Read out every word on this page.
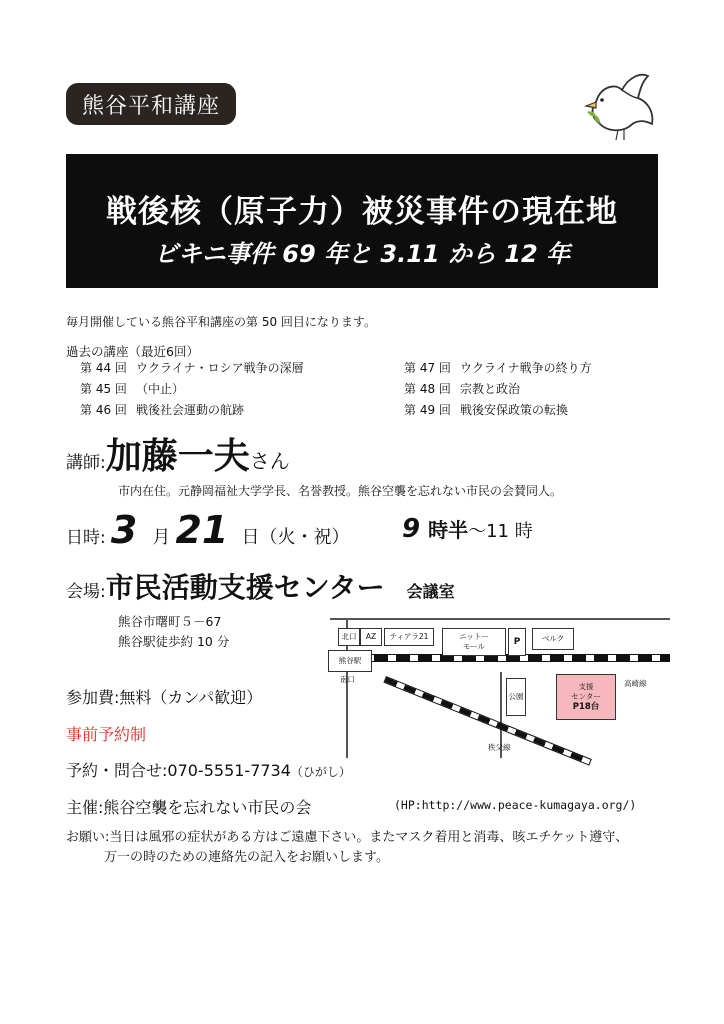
熊谷平和講座
戦後核（原子力）被災事件の現在地
ビキニ事件 69 年と 3.11 から 12 年
毎月開催している熊谷平和講座の第 50 回目になります。
過去の講座（最近6回）
第 44 回 ウクライナ・ロシア戦争の深層
第 45 回 （中止）
第 46 回 戦後社会運動の航跡
第 47 回 ウクライナ戦争の終り方
第 48 回 宗教と政治
第 49 回 戦後安保政策の転換
講師:加藤一夫さん
市内在住。元静岡福祉大学学長、名誉教授。熊谷空襲を忘れない市民の会賛同人。
日時: 3 月 21 日（火・祝） 9 時半～11 時
会場:市民活動支援センター 会議室
熊谷市曙町５－67
熊谷駅徒歩約 10 分	北口	AZ	ティアラ21	ニットー
モール	P	ベルク
熊谷駅
南口
公園
支援
センター
P18台
高崎線
秩父線
参加費:無料（カンパ歓迎）
事前予約制
予約・問合せ:070-5551-7734（ひがし）
主催:熊谷空襲を忘れない市民の会	(HP:http://www.peace-kumagaya.org/)
お願い:当日は風邪の症状がある方はご遠慮下さい。またマスク着用と消毒、咳エチケット遵守、
万一の時のための連絡先の記入をお願いします。
